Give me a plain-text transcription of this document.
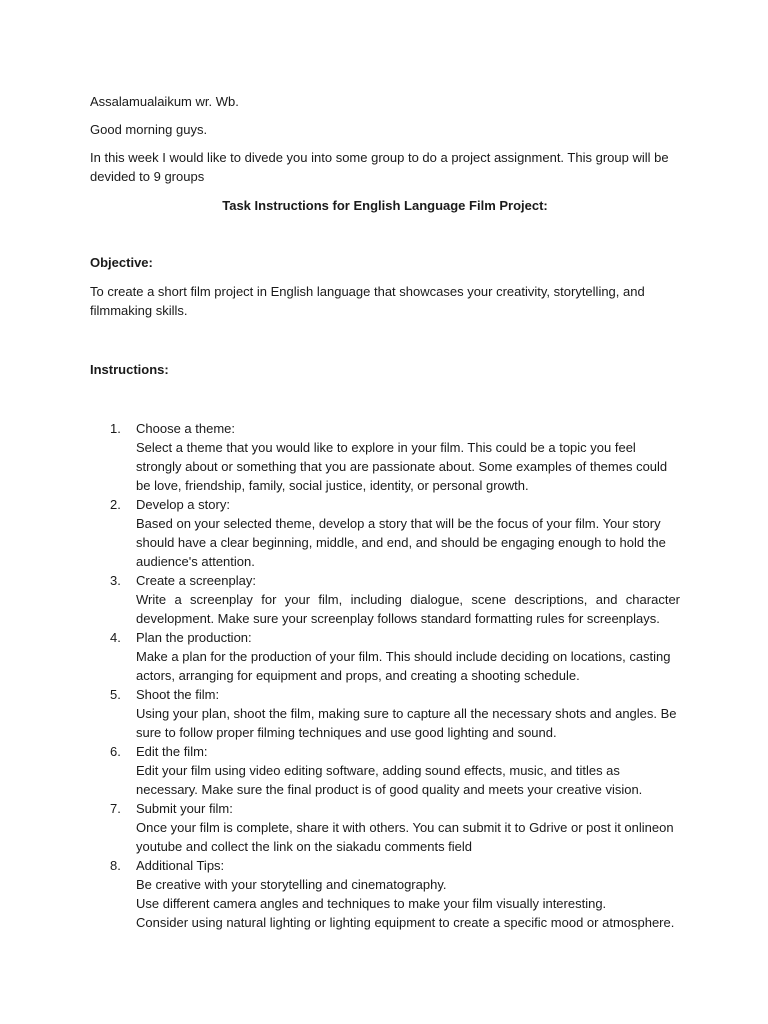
Assalamualaikum wr. Wb.

Good morning guys.

In this week I would like to divede you into some group to do a project assignment. This group will be devided to 9 groups

Task Instructions for English Language Film Project:

Objective:

To create a short film project in English language that showcases your creativity, storytelling, and filmmaking skills.

Instructions:

1.	Choose a theme:
Select a theme that you would like to explore in your film. This could be a topic you feel strongly about or something that you are passionate about. Some examples of themes could be love, friendship, family, social justice, identity, or personal growth.
2.	Develop a story:
Based on your selected theme, develop a story that will be the focus of your film. Your story should have a clear beginning, middle, and end, and should be engaging enough to hold the audience's attention.
3.	Create a screenplay:
Write a screenplay for your film, including dialogue, scene descriptions, and character development. Make sure your screenplay follows standard formatting rules for screenplays.
4.	Plan the production:
Make a plan for the production of your film. This should include deciding on locations, casting actors, arranging for equipment and props, and creating a shooting schedule.
5.	Shoot the film:
Using your plan, shoot the film, making sure to capture all the necessary shots and angles. Be sure to follow proper filming techniques and use good lighting and sound.
6.	Edit the film:
Edit your film using video editing software, adding sound effects, music, and titles as necessary. Make sure the final product is of good quality and meets your creative vision.
7.	Submit your film:
Once your film is complete, share it with others. You can submit it to Gdrive or post it onlineon youtube and collect the link on the siakadu comments field
8.	Additional Tips:
Be creative with your storytelling and cinematography.
Use different camera angles and techniques to make your film visually interesting.
Consider using natural lighting or lighting equipment to create a specific mood or atmosphere.
